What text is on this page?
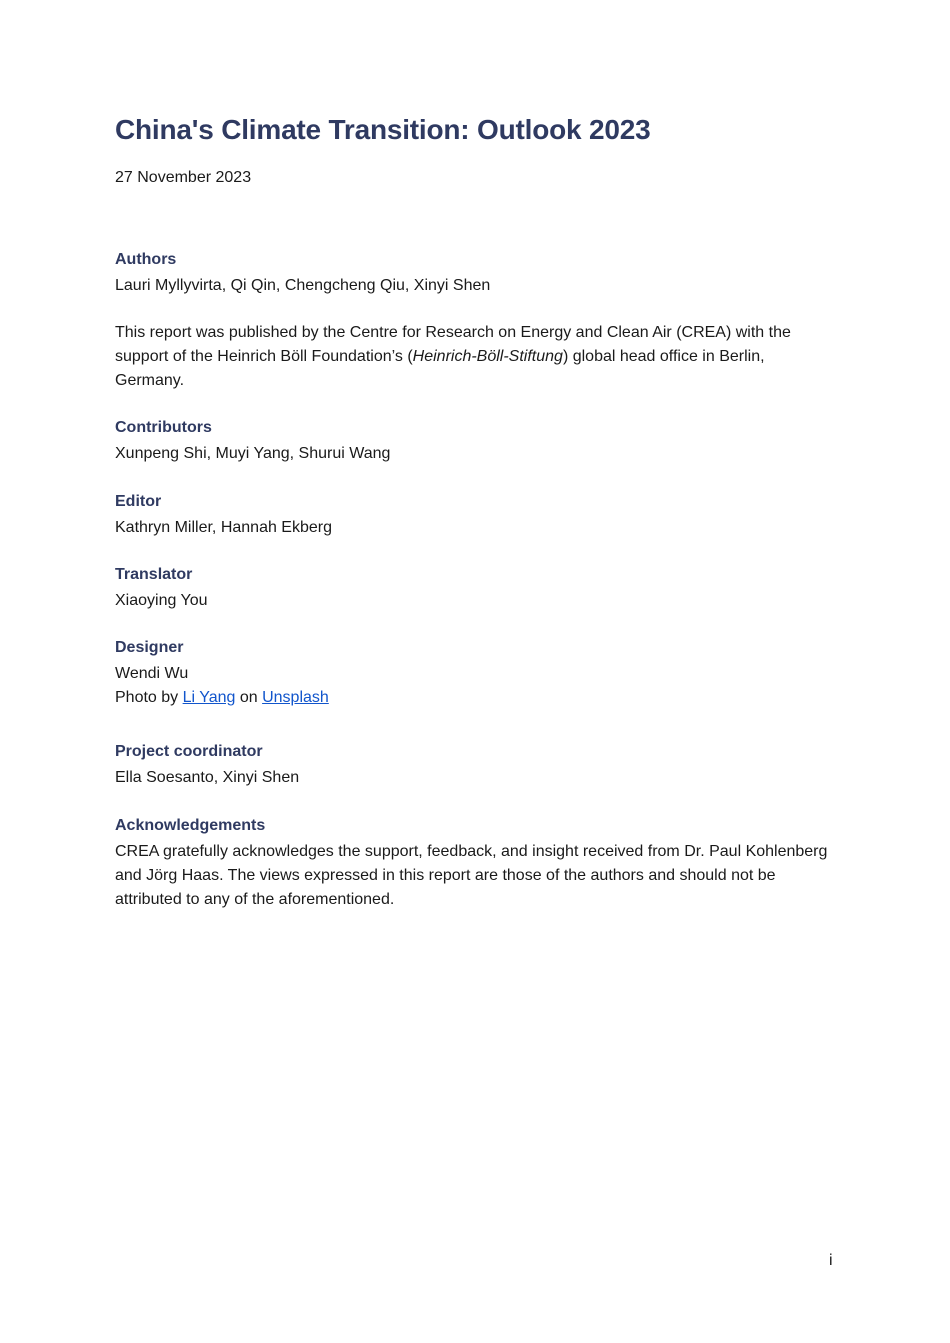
China's Climate Transition: Outlook 2023
27 November 2023
Authors

Lauri Myllyvirta, Qi Qin, Chengcheng Qiu, Xinyi Shen

This report was published by the Centre for Research on Energy and Clean Air (CREA) with the support of the Heinrich Böll Foundation’s (Heinrich-Böll-Stiftung) global head office in Berlin, Germany.

Contributors

Xunpeng Shi, Muyi Yang, Shurui Wang

Editor

Kathryn Miller, Hannah Ekberg

Translator

Xiaoying You

Designer

Wendi Wu

Photo by Li Yang on Unsplash

Project coordinator

Ella Soesanto, Xinyi Shen

Acknowledgements

CREA gratefully acknowledges the support, feedback, and insight received from Dr. Paul Kohlenberg and Jörg Haas. The views expressed in this report are those of the authors and should not be attributed to any of the aforementioned.

i
